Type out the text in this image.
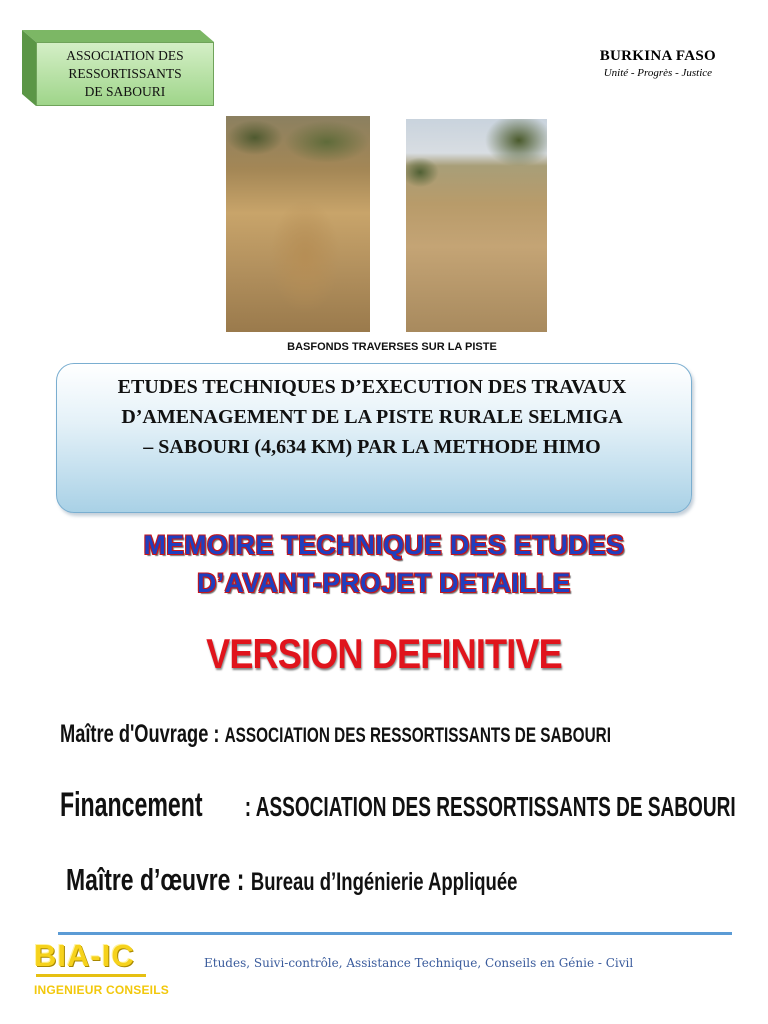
ASSOCIATION DES
RESSORTISSANTS
DE SABOURI
BURKINA FASO
Unité - Progrès - Justice
BASFONDS TRAVERSES SUR LA PISTE
ETUDES TECHNIQUES D’EXECUTION DES TRAVAUX
D’AMENAGEMENT DE LA PISTE RURALE SELMIGA
– SABOURI (4,634 KM) PAR LA METHODE HIMO
MEMOIRE TECHNIQUE DES ETUDES
D’AVANT-PROJET DETAILLE
VERSION DEFINITIVE
Maître d'Ouvrage : ASSOCIATION DES RESSORTISSANTS DE SABOURI
Financement : ASSOCIATION DES RESSORTISSANTS DE SABOURI
Maître d’œuvre : Bureau d’Ingénierie Appliquée
BIA-IC
INGENIEUR CONSEILS
Etudes, Suivi-contrôle, Assistance Technique, Conseils en Génie - Civil
